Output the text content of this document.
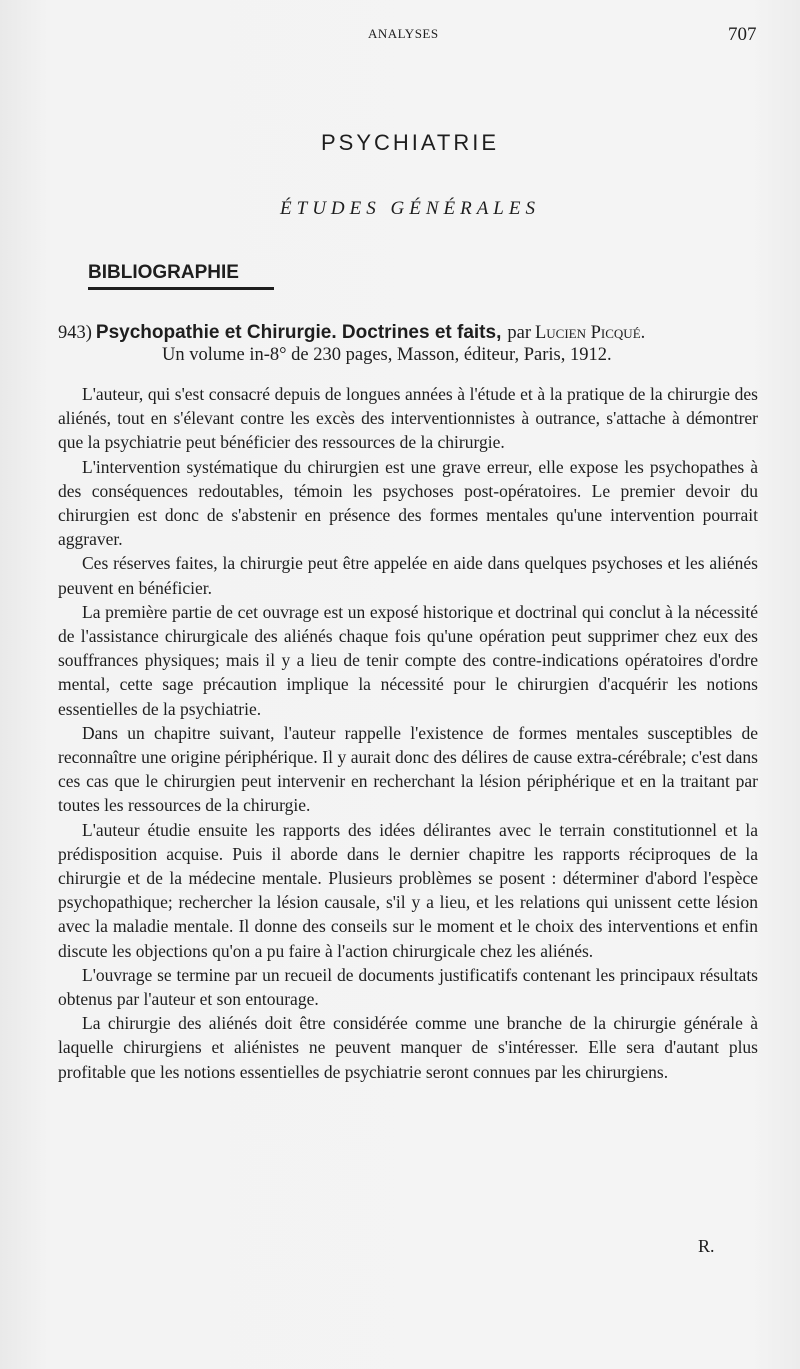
ANALYSES	707
PSYCHIATRIE
ÉTUDES GÉNÉRALES
BIBLIOGRAPHIE
943) Psychopathie et Chirurgie. Doctrines et faits, par Lucien Picqué.
Un volume in-8° de 230 pages, Masson, éditeur, Paris, 1912.

L'auteur, qui s'est consacré depuis de longues années à l'étude et à la pratique de la chirurgie des aliénés, tout en s'élevant contre les excès des interventionnistes à outrance, s'attache à démontrer que la psychiatrie peut bénéficier des ressources de la chirurgie.

L'intervention systématique du chirurgien est une grave erreur, elle expose les psychopathes à des conséquences redoutables, témoin les psychoses post-opératoires. Le premier devoir du chirurgien est donc de s'abstenir en présence des formes mentales qu'une intervention pourrait aggraver.

Ces réserves faites, la chirurgie peut être appelée en aide dans quelques psychoses et les aliénés peuvent en bénéficier.

La première partie de cet ouvrage est un exposé historique et doctrinal qui conclut à la nécessité de l'assistance chirurgicale des aliénés chaque fois qu'une opération peut supprimer chez eux des souffrances physiques; mais il y a lieu de tenir compte des contre-indications opératoires d'ordre mental, cette sage précaution implique la nécessité pour le chirurgien d'acquérir les notions essentielles de la psychiatrie.

Dans un chapitre suivant, l'auteur rappelle l'existence de formes mentales susceptibles de reconnaître une origine périphérique. Il y aurait donc des délires de cause extra-cérébrale; c'est dans ces cas que le chirurgien peut intervenir en recherchant la lésion périphérique et en la traitant par toutes les ressources de la chirurgie.

L'auteur étudie ensuite les rapports des idées délirantes avec le terrain constitutionnel et la prédisposition acquise. Puis il aborde dans le dernier chapitre les rapports réciproques de la chirurgie et de la médecine mentale. Plusieurs problèmes se posent : déterminer d'abord l'espèce psychopathique; rechercher la lésion causale, s'il y a lieu, et les relations qui unissent cette lésion avec la maladie mentale. Il donne des conseils sur le moment et le choix des interventions et enfin discute les objections qu'on a pu faire à l'action chirurgicale chez les aliénés.

L'ouvrage se termine par un recueil de documents justificatifs contenant les principaux résultats obtenus par l'auteur et son entourage.

La chirurgie des aliénés doit être considérée comme une branche de la chirurgie générale à laquelle chirurgiens et aliénistes ne peuvent manquer de s'intéresser. Elle sera d'autant plus profitable que les notions essentielles de psychiatrie seront connues par les chirurgiens.

R.
